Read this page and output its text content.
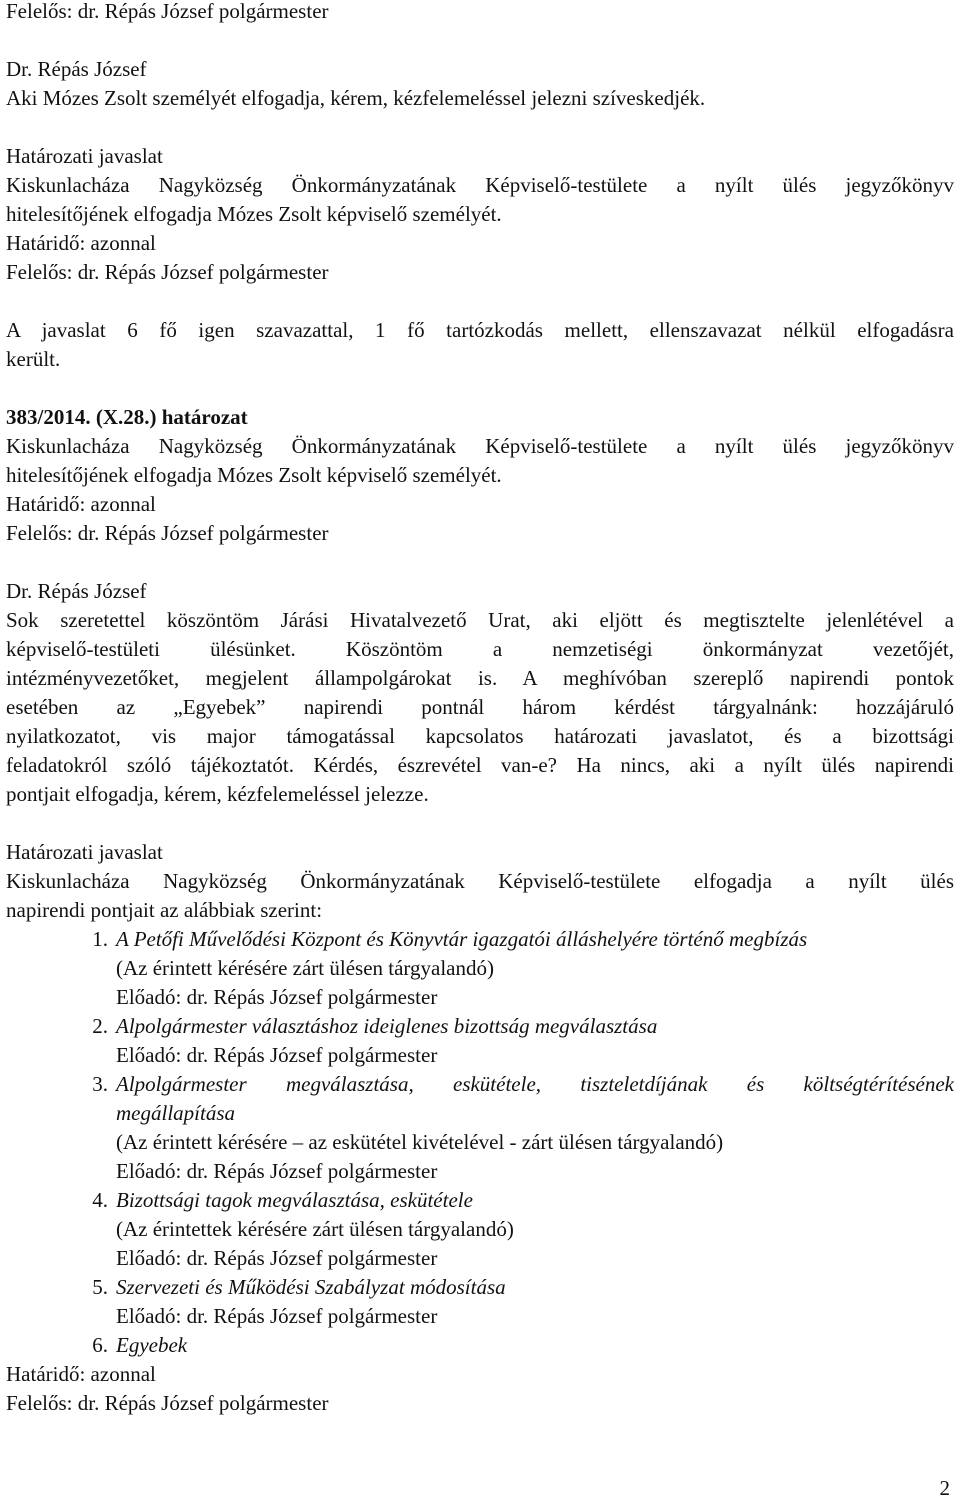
Felelős: dr. Répás József polgármester

Dr. Répás József

Aki Mózes Zsolt személyét elfogadja, kérem, kézfelemeléssel jelezni szíveskedjék.

Határozati javaslat

Kiskunlacháza Nagyközség Önkormányzatának Képviselő-testülete a nyílt ülés jegyzőkönyv

hitelesítőjének elfogadja Mózes Zsolt képviselő személyét.

Határidő: azonnal

Felelős: dr. Répás József polgármester

A javaslat 6 fő igen szavazattal, 1 fő tartózkodás mellett, ellenszavazat nélkül elfogadásra

került.

383/2014. (X.28.) határozat

Kiskunlacháza Nagyközség Önkormányzatának Képviselő-testülete a nyílt ülés jegyzőkönyv

hitelesítőjének elfogadja Mózes Zsolt képviselő személyét.

Határidő: azonnal

Felelős: dr. Répás József polgármester

Dr. Répás József

Sok szeretettel köszöntöm Járási Hivatalvezető Urat, aki eljött és megtisztelte jelenlétével a

képviselő-testületi ülésünket. Köszöntöm a nemzetiségi önkormányzat vezetőjét,

intézményvezetőket, megjelent állampolgárokat is. A meghívóban szereplő napirendi pontok

esetében az „Egyebek” napirendi pontnál három kérdést tárgyalnánk: hozzájáruló

nyilatkozatot, vis major támogatással kapcsolatos határozati javaslatot, és a bizottsági

feladatokról szóló tájékoztatót. Kérdés, észrevétel van-e? Ha nincs, aki a nyílt ülés napirendi

pontjait elfogadja, kérem, kézfelemeléssel jelezze.

Határozati javaslat

Kiskunlacháza Nagyközség Önkormányzatának Képviselő-testülete elfogadja a nyílt ülés

napirendi pontjait az alábbiak szerint:

1. A Petőfi Művelődési Központ és Könyvtár igazgatói álláshelyére történő megbízás

(Az érintett kérésére zárt ülésen tárgyalandó)

Előadó: dr. Répás József polgármester

2. Alpolgármester választáshoz ideiglenes bizottság megválasztása

Előadó: dr. Répás József polgármester

3. Alpolgármester megválasztása, eskütétele, tiszteletdíjának és költségtérítésének

megállapítása

(Az érintett kérésére – az eskütétel kivételével - zárt ülésen tárgyalandó)

Előadó: dr. Répás József polgármester

4. Bizottsági tagok megválasztása, eskütétele

(Az érintettek kérésére zárt ülésen tárgyalandó)

Előadó: dr. Répás József polgármester

5. Szervezeti és Működési Szabályzat módosítása

Előadó: dr. Répás József polgármester

6. Egyebek

Határidő: azonnal

Felelős: dr. Répás József polgármester

2
